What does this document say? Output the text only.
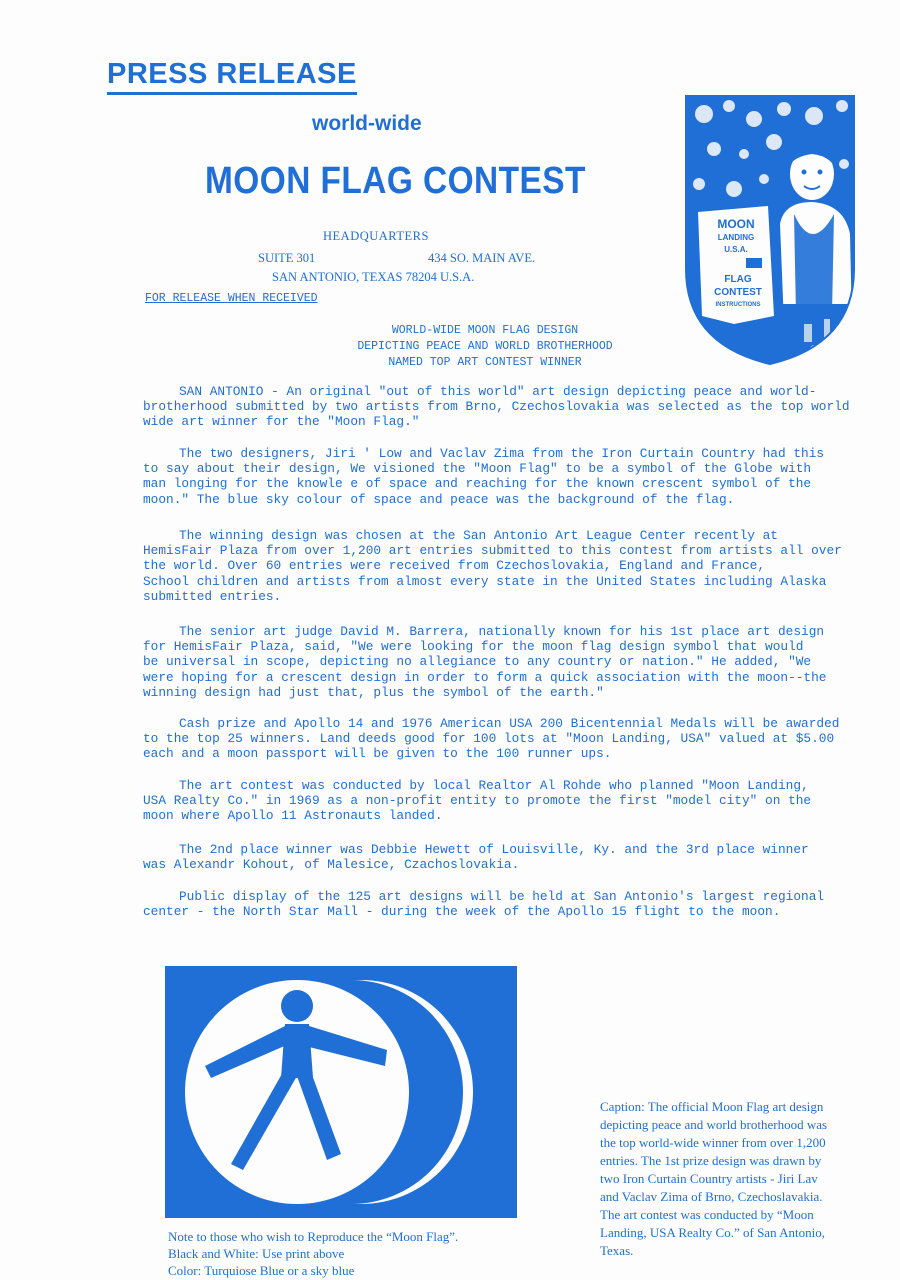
PRESS RELEASE
world-wide
MOON FLAG CONTEST
HEADQUARTERS
SUITE 301	434 SO. MAIN AVE.
SAN ANTONIO, TEXAS 78204 U.S.A.
FOR RELEASE WHEN RECEIVED
WORLD-WIDE MOON FLAG DESIGN
DEPICTING PEACE AND WORLD BROTHERHOOD
NAMED TOP ART CONTEST WINNER
MOON
LANDING
U.S.A.
FLAG
CONTEST
INSTRUCTIONS
SAN ANTONIO - An original "out of this world" art design depicting peace and world-
brotherhood submitted by two artists from Brno, Czechoslovakia was selected as the top world
wide art winner for the "Moon Flag."
The two designers, Jiri ' Low and Vaclav Zima from the Iron Curtain Country had this
to say about their design, We visioned the "Moon Flag" to be a symbol of the Globe with
man longing for the knowle e of space and reaching for the known crescent symbol of the
moon." The blue sky colour of space and peace was the background of the flag.
The winning design was chosen at the San Antonio Art League Center recently at
HemisFair Plaza from over 1,200 art entries submitted to this contest from artists all over
the world. Over 60 entries were received from Czechoslovakia, England and France,
School children and artists from almost every state in the United States including Alaska
submitted entries.
The senior art judge David M. Barrera, nationally known for his 1st place art design
for HemisFair Plaza, said, "We were looking for the moon flag design symbol that would
be universal in scope, depicting no allegiance to any country or nation." He added, "We
were hoping for a crescent design in order to form a quick association with the moon--the
winning design had just that, plus the symbol of the earth."
Cash prize and Apollo 14 and 1976 American USA 200 Bicentennial Medals will be awarded
to the top 25 winners. Land deeds good for 100 lots at "Moon Landing, USA" valued at $5.00
each and a moon passport will be given to the 100 runner ups.
The art contest was conducted by local Realtor Al Rohde who planned "Moon Landing,
USA Realty Co." in 1969 as a non-profit entity to promote the first "model city" on the
moon where Apollo 11 Astronauts landed.
The 2nd place winner was Debbie Hewett of Louisville, Ky. and the 3rd place winner
was Alexandr Kohout, of Malesice, Czachoslovakia.
Public display of the 125 art designs will be held at San Antonio's largest regional
center - the North Star Mall - during the week of the Apollo 15 flight to the moon.
Note to those who wish to Reproduce the “Moon Flag”.
Black and White: Use print above
Color: Turquiose Blue or a sky blue
Caption: The official Moon Flag art design
depicting peace and world brotherhood was
the top world-wide winner from over 1,200
entries. The 1st prize design was drawn by
two Iron Curtain Country artists - Jiri Lav
and Vaclav Zima of Brno, Czechoslavakia.
The art contest was conducted by “Moon
Landing, USA Realty Co.” of San Antonio,
Texas.
